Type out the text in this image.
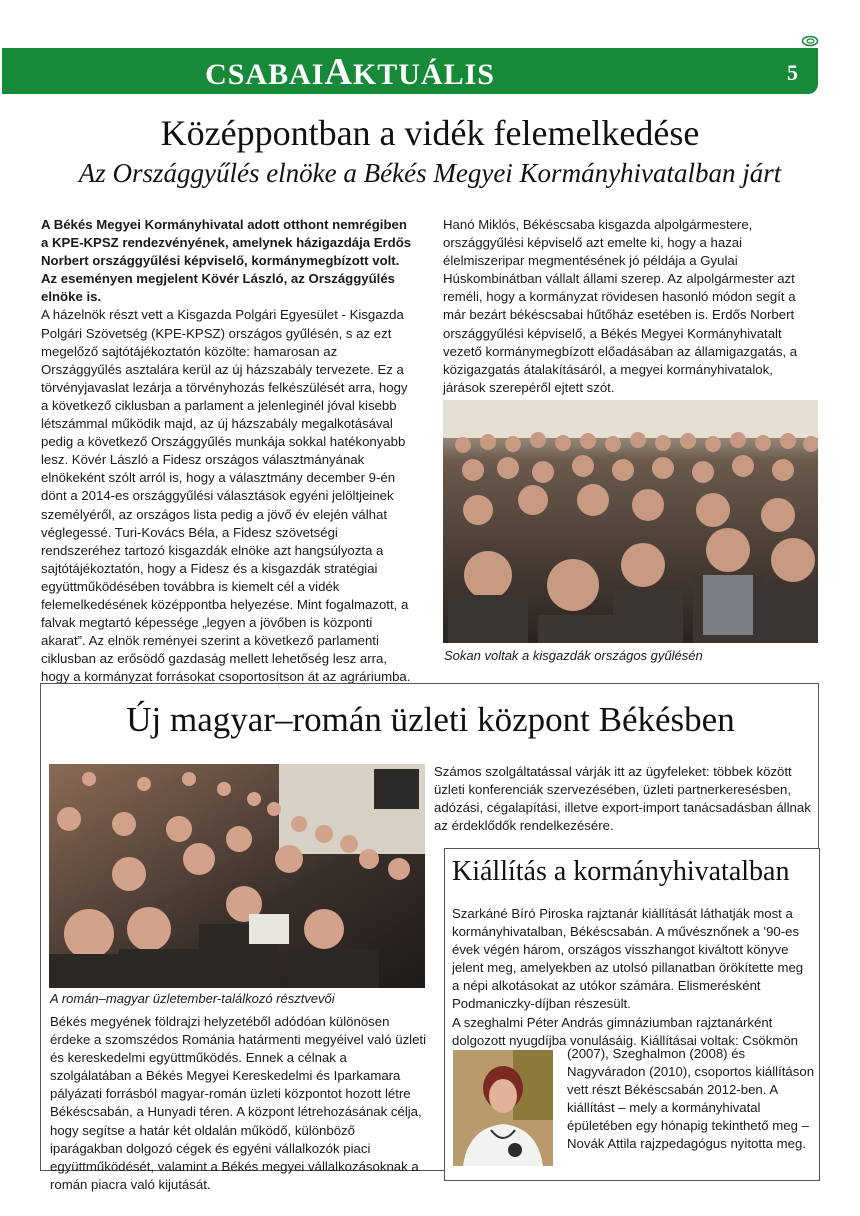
CSABAIAKTUÁLIS	5
Középpontban a vidék felemelkedése
Az Országgyűlés elnöke a Békés Megyei Kormányhivatalban járt

A Békés Megyei Kormányhivatal adott otthont nemrégiben a KPE-KPSZ rendezvényének, amelynek házigazdája Erdős Norbert országgyűlési képviselő, kormánymegbízott volt. Az eseményen megjelent Kövér László, az Országgyűlés elnöke is.

A házelnök részt vett a Kisgazda Polgári Egyesület - Kisgazda Polgári Szövetség (KPE-KPSZ) országos gyűlésén, s az ezt megelőző sajtótájékoztatón közölte: hamarosan az Országgyűlés asztalára kerül az új házszabály tervezete. Ez a törvényjavaslat lezárja a törvényhozás felkészülését arra, hogy a következő ciklusban a parlament a jelenleginél jóval kisebb létszámmal működik majd, az új házszabály megalkotásával pedig a következő Országgyűlés munkája sokkal hatékonyabb lesz. Kövér László a Fidesz országos választmányának elnökeként szólt arról is, hogy a választmány december 9-én dönt a 2014-es országgyűlési választások egyéni jelöltjeinek személyéről, az országos lista pedig a jövő év elején válhat véglegessé. Turi-Kovács Béla, a Fidesz szövetségi rendszeréhez tartozó kisgazdák elnöke azt hangsúlyozta a sajtótájékoztatón, hogy a Fidesz és a kisgazdák stratégiai együttműködésében továbbra is kiemelt cél a vidék felemelkedésének középpontba helyezése. Mint fogalmazott, a falvak megtartó képessége „legyen a jövőben is központi akarat”. Az elnök reményei szerint a következő parlamenti ciklusban az erősödő gazdaság mellett lehetőség lesz arra, hogy a kormányzat forrásokat csoportosítson át az agráriumba.

Hanó Miklós, Békéscsaba kisgazda alpolgármestere, országgyűlési képviselő azt emelte ki, hogy a hazai élelmiszeripar megmentésének jó példája a Gyulai Húskombinátban vállalt állami szerep. Az alpolgármester azt reméli, hogy a kormányzat rövidesen hasonló módon segít a már bezárt békéscsabai hűtőház esetében is. Erdős Norbert országgyűlési képviselő, a Békés Megyei Kormányhivatalt vezető kormánymegbízott előadásában az államigazgatás, a közigazgatás átalakításáról, a megyei kormányhivatalok, járások szerepéről ejtett szót.

Sokan voltak a kisgazdák országos gyűlésén
Új magyar–román üzleti központ Békésben
A román–magyar üzletember-találkozó résztvevői

Békés megyének földrajzi helyzetéből adódóan különösen érdeke a szomszédos Románia határmenti megyéivel való üzleti és kereskedelmi együttműködés. Ennek a célnak a szolgálatában a Békés Megyei Kereskedelmi és Iparkamara pályázati forrásból magyar-román üzleti központot hozott létre Békéscsabán, a Hunyadi téren. A központ létrehozásának célja, hogy segítse a határ két oldalán működő, különböző iparágakban dolgozó cégek és egyéni vállalkozók piaci együttműködését, valamint a Békés megyei vállalkozásoknak a román piacra való kijutását.

Számos szolgáltatással várják itt az ügyfeleket: többek között üzleti konferenciák szervezésében, üzleti partnerkeresésben, adózási, cégalapítási, illetve export-import tanácsadásban állnak az érdeklődők rendelkezésére.

Kiállítás a kormányhivatalban

Szarkáné Bíró Piroska rajztanár kiállítását láthatják most a kormányhivatalban, Békéscsabán. A művésznőnek a '90-es évek végén három, országos visszhangot kiváltott könyve jelent meg, amelyekben az utolsó pillanatban örökítette meg a népi alkotásokat az utókor számára. Elismerésként Podmaniczky-díjban részesült.

A szeghalmi Péter András gimnáziumban rajztanárként dolgozott nyugdíjba vonulásáig. Kiállításai voltak: Csökmön

(2007), Szeghalmon (2008) és Nagyváradon (2010), csoportos kiállításon vett részt Békéscsabán 2012-ben. A kiállítást – mely a kormányhivatal épületében egy hónapig tekinthető meg – Novák Attila rajzpedagógus nyitotta meg.
